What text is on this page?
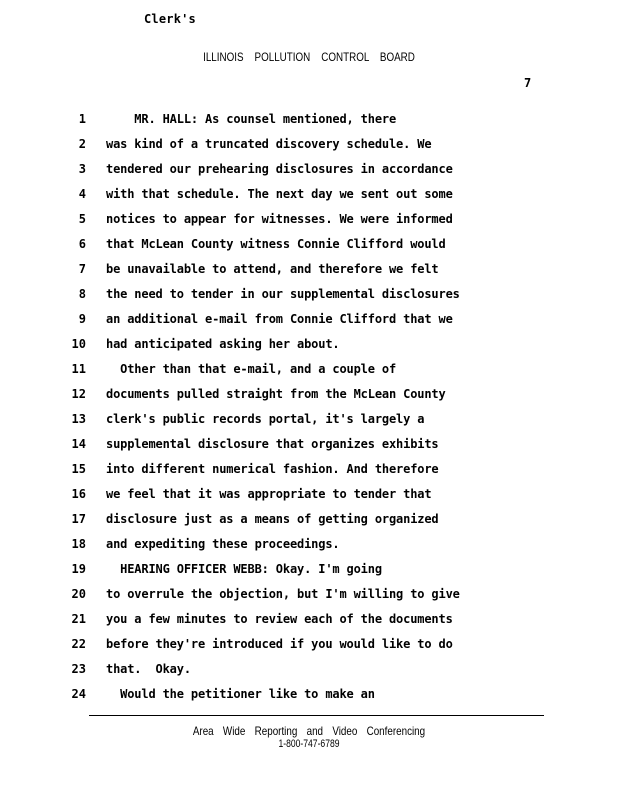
Clerk's
ILLINOIS POLLUTION CONTROL BOARD
7
1 MR. HALL: As counsel mentioned, there
2 was kind of a truncated discovery schedule. We
3 tendered our prehearing disclosures in accordance
4 with that schedule. The next day we sent out some
5 notices to appear for witnesses. We were informed
6 that McLean County witness Connie Clifford would
7 be unavailable to attend, and therefore we felt
8 the need to tender in our supplemental disclosures
9 an additional e-mail from Connie Clifford that we
10 had anticipated asking her about.
11 Other than that e-mail, and a couple of
12 documents pulled straight from the McLean County
13 clerk's public records portal, it's largely a
14 supplemental disclosure that organizes exhibits
15 into different numerical fashion. And therefore
16 we feel that it was appropriate to tender that
17 disclosure just as a means of getting organized
18 and expediting these proceedings.
19 HEARING OFFICER WEBB: Okay. I'm going
20 to overrule the objection, but I'm willing to give
21 you a few minutes to review each of the documents
22 before they're introduced if you would like to do
23 that.  Okay.
24 Would the petitioner like to make an
Area Wide Reporting and Video Conferencing
1-800-747-6789
